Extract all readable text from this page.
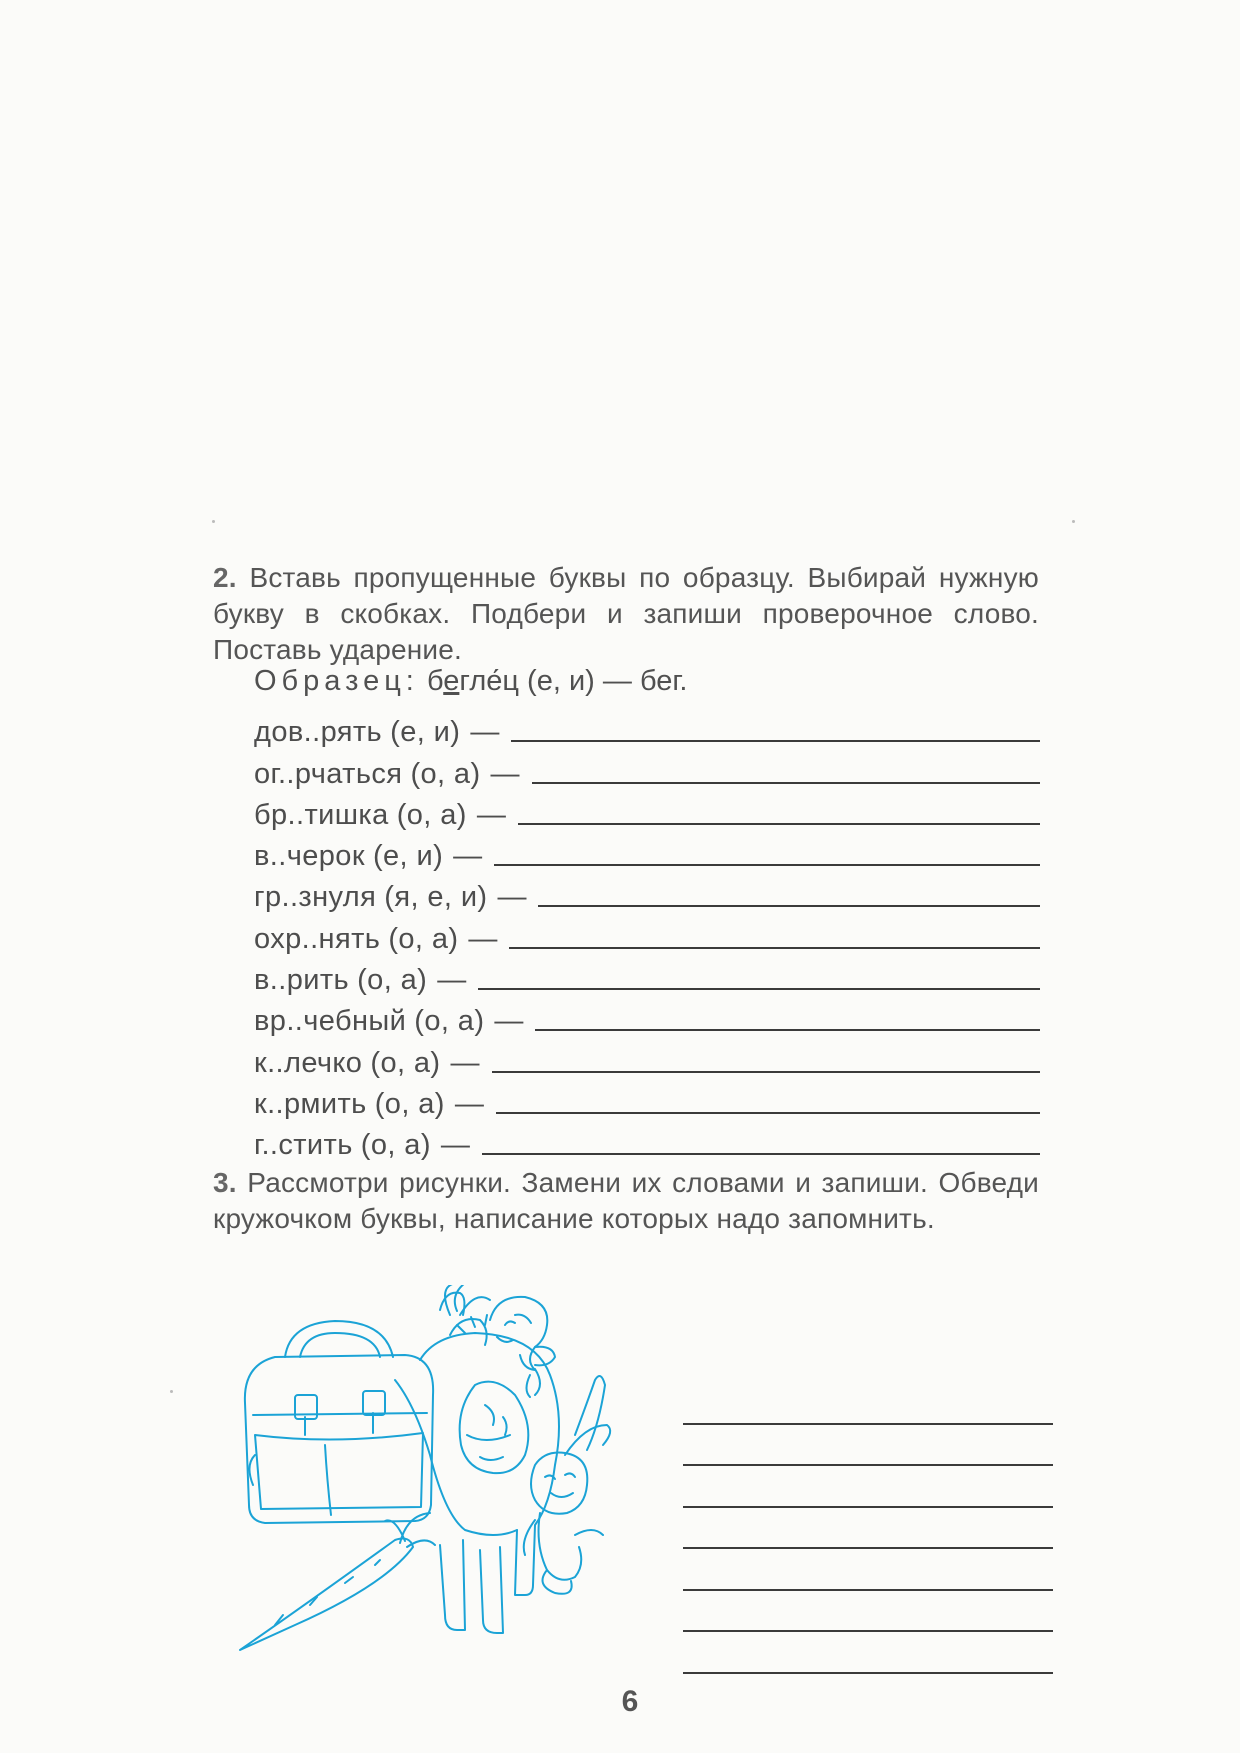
2. Вставь пропущенные буквы по образцу. Выбирай нужную букву в скобках. Подбери и запиши проверочное слово. Поставь ударение.
Образец: бегле́ц (е, и) — бег.
дов..рять
(е, и) —
ог..рчаться
(о, а) —
бр..тишка
(о, а) —
в..черок
(е, и) —
гр..знуля
(я, е, и) —
охр..нять
(о, а) —
в..рить
(о, а) —
вр..чебный
(о, а) —
к..лечко
(о, а) —
к..рмить
(о, а) —
г..стить
(о, а) —
3. Рассмотри рисунки. Замени их словами и запиши. Обведи кружочком буквы, написание которых надо запомнить.
6
